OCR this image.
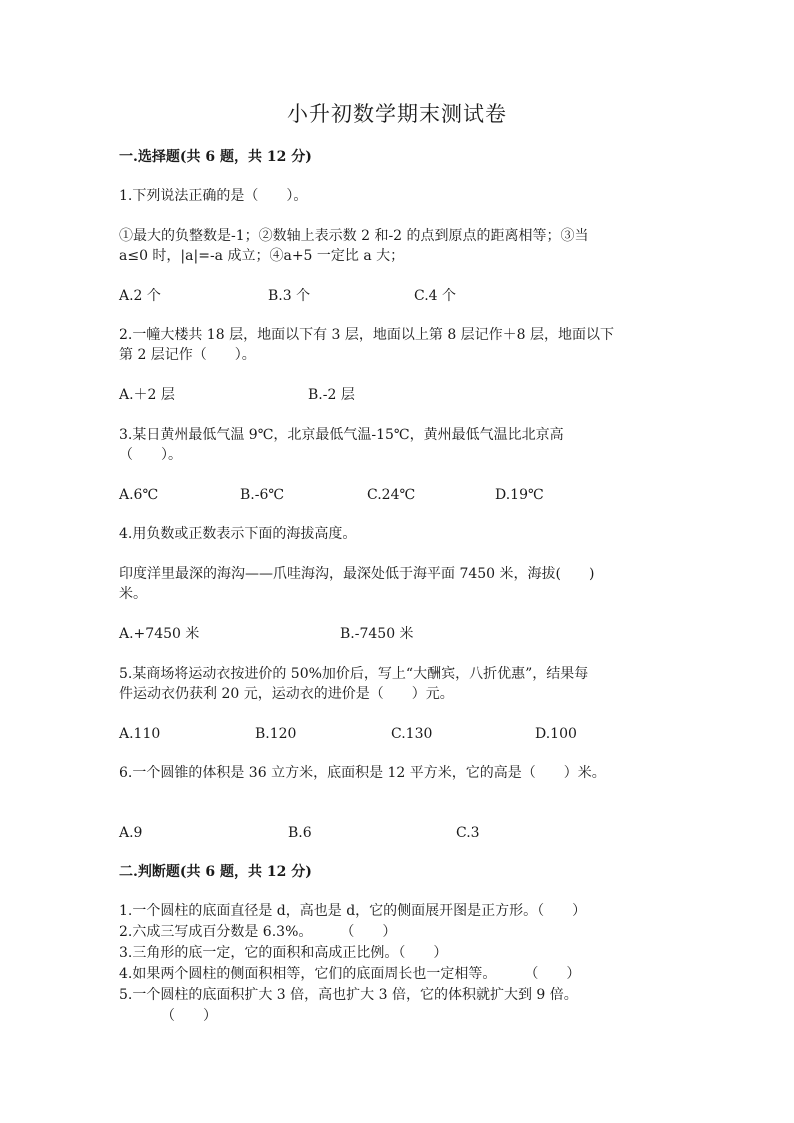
小升初数学期末测试卷
一.选择题(共 6 题，共 12 分)
1.下列说法正确的是（　　）。
①最大的负整数是-1；②数轴上表示数 2 和-2 的点到原点的距离相等；③当
a≤0 时，|a|=-a 成立；④a+5 一定比 a 大；
A.2 个	B.3 个	C.4 个
2.一幢大楼共 18 层，地面以下有 3 层，地面以上第 8 层记作＋8 层，地面以下
第 2 层记作（　　）。
A.＋2 层	B.-2 层
3.某日黄州最低气温 9℃，北京最低气温-15℃，黄州最低气温比北京高
（　　）。
A.6℃	B.-6℃	C.24℃	D.19℃
4.用负数或正数表示下面的海拔高度。
印度洋里最深的海沟——爪哇海沟，最深处低于海平面 7450 米，海拔(　　)
米。
A.+7450 米	B.-7450 米
5.某商场将运动衣按进价的 50%加价后，写上“大酬宾，八折优惠”，结果每
件运动衣仍获利 20 元，运动衣的进价是（　　）元。
A.110	B.120	C.130	D.100
6.一个圆锥的体积是 36 立方米，底面积是 12 平方米，它的高是（　　）米。
A.9	B.6	C.3
二.判断题(共 6 题，共 12 分)
1.一个圆柱的底面直径是 d，高也是 d，它的侧面展开图是正方形。（　　）
2.六成三写成百分数是 6.3%。　　　（　　）
3.三角形的底一定，它的面积和高成正比例。（　　）
4.如果两个圆柱的侧面积相等，它们的底面周长也一定相等。　　　（　　）
5.一个圆柱的底面积扩大 3 倍，高也扩大 3 倍，它的体积就扩大到 9 倍。
（　　）
